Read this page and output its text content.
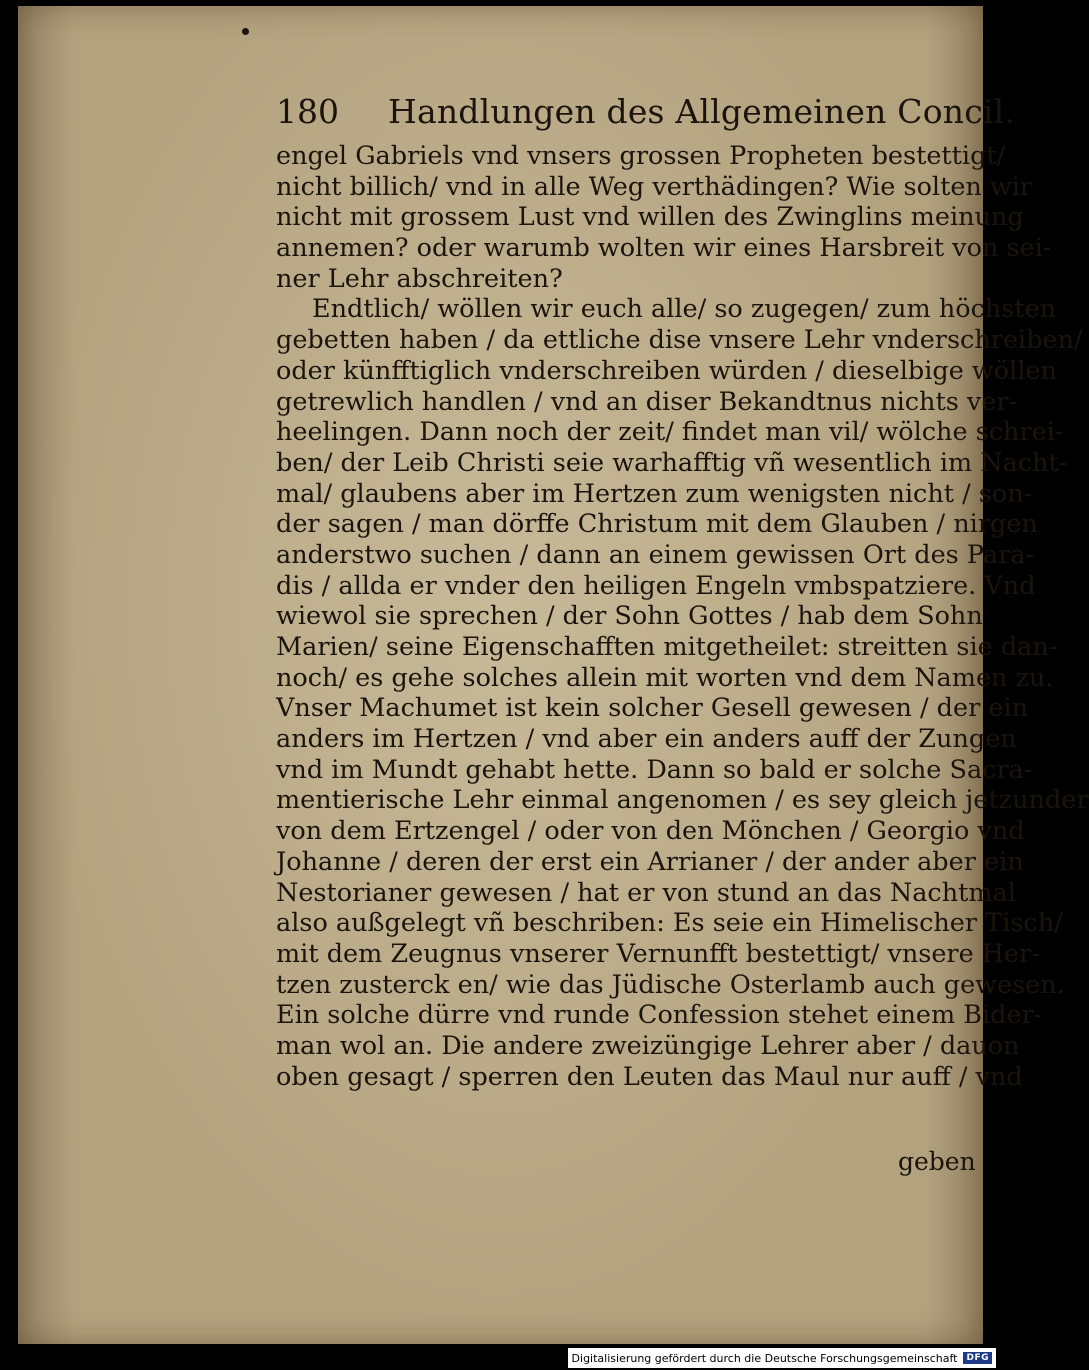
180 Handlungen des Allgemeinen Concil.
engel Gabriels vnd vnsers grossen Propheten bestettigt/
nicht billich/ vnd in alle Weg verthädingen? Wie solten wir
nicht mit grossem Lust vnd willen des Zwinglins meinung
annemen? oder warumb wolten wir eines Harsbreit von sei-
ner Lehr abschreiten?
Endtlich/ wöllen wir euch alle/ so zugegen/ zum höchsten
gebetten haben / da ettliche dise vnsere Lehr vnderschreiben/
oder künfftiglich vnderschreiben würden / dieselbige wöllen
getrewlich handlen / vnd an diser Bekandtnus nichts ver-
heelingen. Dann noch der zeit/ findet man vil/ wölche schrei-
ben/ der Leib Christi seie warhafftig vñ wesentlich im Nacht-
mal/ glaubens aber im Hertzen zum wenigsten nicht / son-
der sagen / man dörffe Christum mit dem Glauben / nirgen
anderstwo suchen / dann an einem gewissen Ort des Para-
dis / allda er vnder den heiligen Engeln vmbspatziere. Vnd
wiewol sie sprechen / der Sohn Gottes / hab dem Sohn
Marien/ seine Eigenschafften mitgetheilet: streitten sie dan-
noch/ es gehe solches allein mit worten vnd dem Namen zu.
Vnser Machumet ist kein solcher Gesell gewesen / der ein
anders im Hertzen / vnd aber ein anders auff der Zungen
vnd im Mundt gehabt hette. Dann so bald er solche Sacra-
mentierische Lehr einmal angenomen / es sey gleich jetzunder
von dem Ertzengel / oder von den Mönchen / Georgio vnd
Johanne / deren der erst ein Arrianer / der ander aber ein
Nestorianer gewesen / hat er von stund an das Nachtmal
also außgelegt vñ beschriben: Es seie ein Himelischer Tisch/
mit dem Zeugnus vnserer Vernunfft bestettigt/ vnsere Her-
tzen zusterck en/ wie das Jüdische Osterlamb auch gewesen.
Ein solche dürre vnd runde Confession stehet einem Bider-
man wol an. Die andere zweizüngige Lehrer aber / dauon
oben gesagt / sperren den Leuten das Maul nur auff / vnd
geben
Digitalisierung gefördert durch die Deutsche Forschungsgemeinschaft	DFG
